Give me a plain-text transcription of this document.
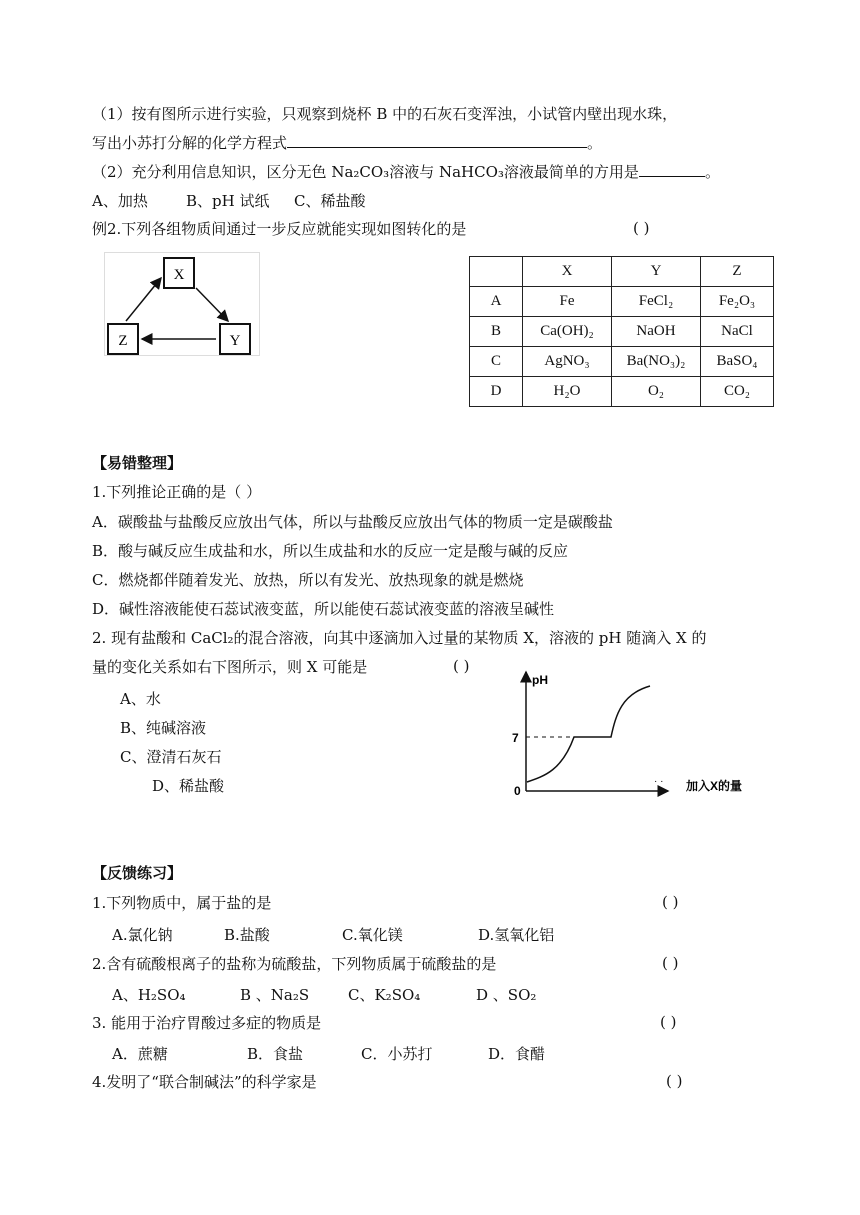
（1）按有图所示进行实验，只观察到烧杯 B 中的石灰石变浑浊，小试管内壁出现水珠，
写出小苏打分解的化学方程式	。
（2）充分利用信息知识，区分无色 Na₂CO₃溶液与 NaHCO₃溶液最简单的方用是	。
A、加热	B、pH 试纸 C、稀盐酸
例2.下列各组物质间通过一步反应就能实现如图转化的是	( )
X
Z	Y
	X	Y	Z
A	Fe	FeCl₂	Fe₂O₃
B	Ca(OH)₂	NaOH	NaCl
C	AgNO₃	Ba(NO₃)₂	BaSO₄
D	H₂O	O₂	CO₂
【易错整理】
1.下列推论正确的是（ ）
A．碳酸盐与盐酸反应放出气体，所以与盐酸反应放出气体的物质一定是碳酸盐
B．酸与碱反应生成盐和水，所以生成盐和水的反应一定是酸与碱的反应
C．燃烧都伴随着发光、放热，所以有发光、放热现象的就是燃烧
D．碱性溶液能使石蕊试液变蓝，所以能使石蕊试液变蓝的溶液呈碱性
2. 现有盐酸和 CaCl₂的混合溶液，向其中逐滴加入过量的某物质 X，溶液的 pH 随滴入 X 的
量的变化关系如右下图所示，则 X 可能是	( )
A、水
B、纯碱溶液
C、澄清石灰石
D、稀盐酸
pH
7
0	加入X的量
· ·
【反馈练习】
1.下列物质中，属于盐的是	( )
A.氯化钠	B.盐酸	C.氧化镁	D.氢氧化铝
2.含有硫酸根离子的盐称为硫酸盐，下列物质属于硫酸盐的是	( )
A、H₂SO₄	B 、Na₂S	C、K₂SO₄	D 、SO₂
3. 能用于治疗胃酸过多症的物质是	( )
A．蔗糖	B．食盐	C．小苏打	D．食醋
4.发明了“联合制碱法”的科学家是	( )
